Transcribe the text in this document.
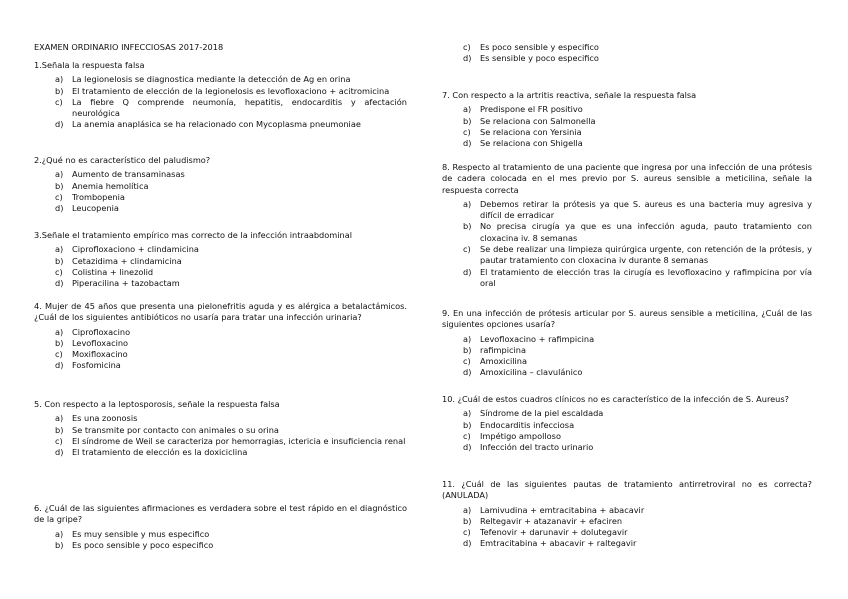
EXAMEN ORDINARIO INFECCIOSAS 2017-2018
1.Señala la respuesta falsa
a) La legionelosis se diagnostica mediante la detección de Ag en orina
b) El tratamiento de elección de la legionelosis es levofloxaciono + acitromicina
c) La fiebre Q comprende neumonía, hepatitis, endocarditis y afectación neurológica
d) La anemia anaplásica se ha relacionado con Mycoplasma pneumoniae
2.¿Qué no es característico del paludismo?
a) Aumento de transaminasas
b) Anemia hemolítica
c) Trombopenia
d) Leucopenia
3.Señale el tratamiento empírico mas correcto de la infección intraabdominal
a) Ciprofloxaciono + clindamicina
b) Cetazidima + clindamicina
c) Colistina + linezolid
d) Piperacilina + tazobactam
4. Mujer de 45 años que presenta una pielonefritis aguda y es alérgica a betalactámicos. ¿Cuál de los siguientes antibióticos no usaría para tratar una infección urinaria?
a) Ciprofloxacino
b) Levofloxacino
c) Moxifloxacino
d) Fosfomicina
5. Con respecto a la leptosporosis, señale la respuesta falsa
a) Es una zoonosis
b) Se transmite por contacto con animales o su orina
c) El síndrome de Weil se caracteriza por hemorragias, ictericia e insuficiencia renal
d) El tratamiento de elección es la doxiciclina
6. ¿Cuál de las siguientes afirmaciones es verdadera sobre el test rápido en el diagnóstico de la gripe?
a) Es muy sensible y mus especifico
b) Es poco sensible y poco especifico
c) Es poco sensible y especifico
d) Es sensible y poco especifico
7. Con respecto a la artritis reactiva, señale la respuesta falsa
a) Predispone el FR positivo
b) Se relaciona con Salmonella
c) Se relaciona con Yersinia
d) Se relaciona con Shigella
8. Respecto al tratamiento de una paciente que ingresa por una infección de una prótesis de cadera colocada en el mes previo por S. aureus sensible a meticilina, señale la respuesta correcta
a) Debemos retirar la prótesis ya que S. aureus es una bacteria muy agresiva y difícil de erradicar
b) No precisa cirugía ya que es una infección aguda, pauto tratamiento con cloxacina iv. 8 semanas
c) Se debe realizar una limpieza quirúrgica urgente, con retención de la prótesis, y pautar tratamiento con cloxacina iv durante 8 semanas
d) El tratamiento de elección tras la cirugía es levofloxacino y rafimpicina por vía oral
9. En una infección de prótesis articular por S. aureus sensible a meticilina, ¿Cuál de las siguientes opciones usaría?
a) Levofloxacino + rafimpicina
b) rafimpicina
c) Amoxicilina
d) Amoxicilina – clavulánico
10. ¿Cuál de estos cuadros clínicos no es característico de la infección de S. Aureus?
a) Síndrome de la piel escaldada
b) Endocarditis infecciosa
c) Impétigo ampolloso
d) Infección del tracto urinario
11. ¿Cuál de las siguientes pautas de tratamiento antirretroviral no es correcta? (ANULADA)
a) Lamivudina + emtracitabina + abacavir
b) Reltegavir + atazanavir + efaciren
c) Tefenovir + darunavir + dolutegavir
d) Emtracitabina + abacavir + raltegavir
